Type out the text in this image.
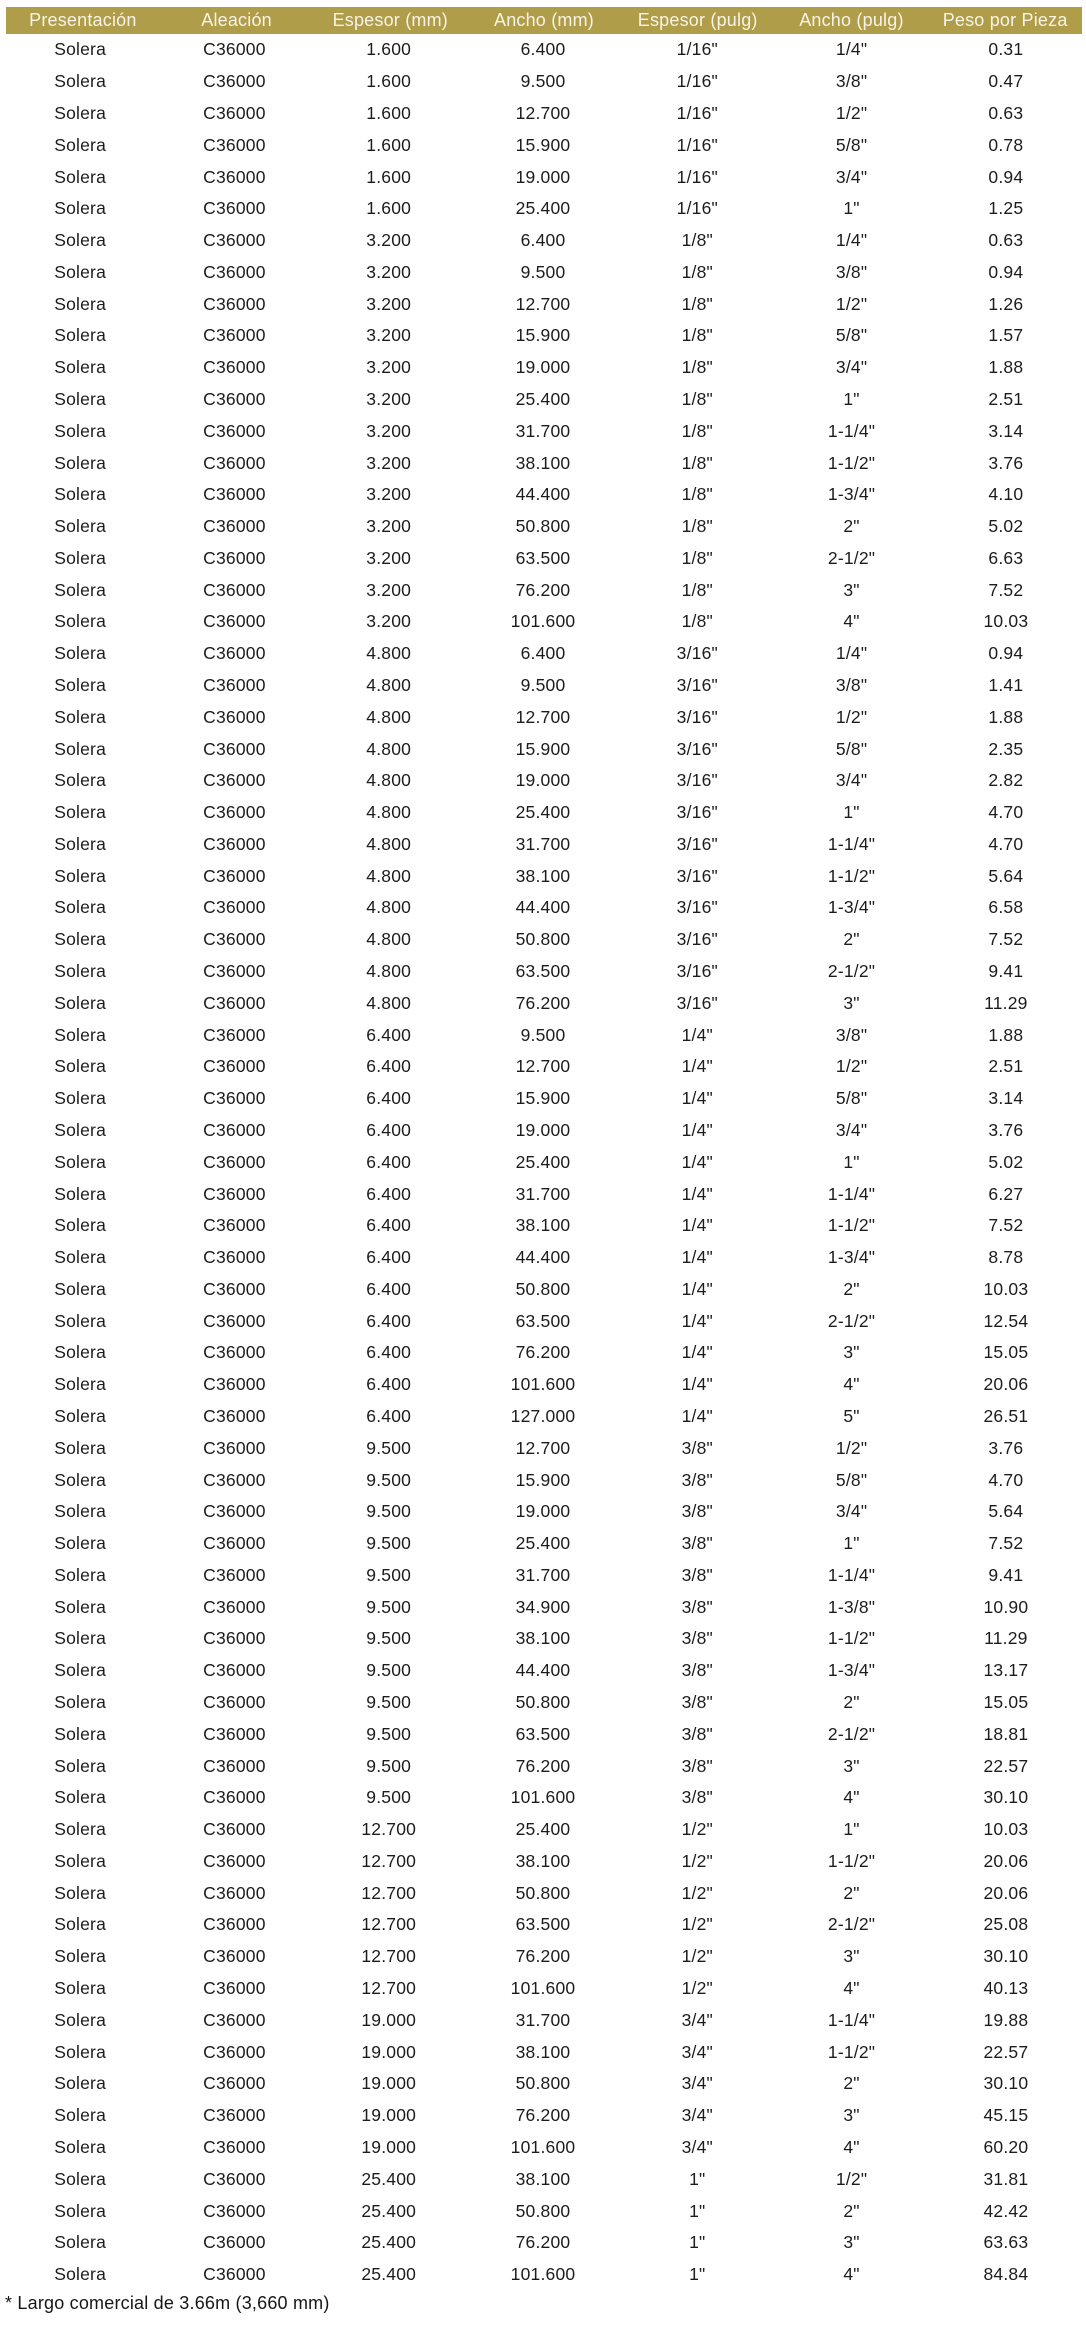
Presentación	Aleación	Espesor (mm)	Ancho (mm)	Espesor (pulg)	Ancho (pulg)	Peso por Pieza
Solera	C36000	1.600	6.400	1/16"	1/4"	0.31
Solera	C36000	1.600	9.500	1/16"	3/8"	0.47
Solera	C36000	1.600	12.700	1/16"	1/2"	0.63
Solera	C36000	1.600	15.900	1/16"	5/8"	0.78
Solera	C36000	1.600	19.000	1/16"	3/4"	0.94
Solera	C36000	1.600	25.400	1/16"	1"	1.25
Solera	C36000	3.200	6.400	1/8"	1/4"	0.63
Solera	C36000	3.200	9.500	1/8"	3/8"	0.94
Solera	C36000	3.200	12.700	1/8"	1/2"	1.26
Solera	C36000	3.200	15.900	1/8"	5/8"	1.57
Solera	C36000	3.200	19.000	1/8"	3/4"	1.88
Solera	C36000	3.200	25.400	1/8"	1"	2.51
Solera	C36000	3.200	31.700	1/8"	1-1/4"	3.14
Solera	C36000	3.200	38.100	1/8"	1-1/2"	3.76
Solera	C36000	3.200	44.400	1/8"	1-3/4"	4.10
Solera	C36000	3.200	50.800	1/8"	2"	5.02
Solera	C36000	3.200	63.500	1/8"	2-1/2"	6.63
Solera	C36000	3.200	76.200	1/8"	3"	7.52
Solera	C36000	3.200	101.600	1/8"	4"	10.03
Solera	C36000	4.800	6.400	3/16"	1/4"	0.94
Solera	C36000	4.800	9.500	3/16"	3/8"	1.41
Solera	C36000	4.800	12.700	3/16"	1/2"	1.88
Solera	C36000	4.800	15.900	3/16"	5/8"	2.35
Solera	C36000	4.800	19.000	3/16"	3/4"	2.82
Solera	C36000	4.800	25.400	3/16"	1"	4.70
Solera	C36000	4.800	31.700	3/16"	1-1/4"	4.70
Solera	C36000	4.800	38.100	3/16"	1-1/2"	5.64
Solera	C36000	4.800	44.400	3/16"	1-3/4"	6.58
Solera	C36000	4.800	50.800	3/16"	2"	7.52
Solera	C36000	4.800	63.500	3/16"	2-1/2"	9.41
Solera	C36000	4.800	76.200	3/16"	3"	11.29
Solera	C36000	6.400	9.500	1/4"	3/8"	1.88
Solera	C36000	6.400	12.700	1/4"	1/2"	2.51
Solera	C36000	6.400	15.900	1/4"	5/8"	3.14
Solera	C36000	6.400	19.000	1/4"	3/4"	3.76
Solera	C36000	6.400	25.400	1/4"	1"	5.02
Solera	C36000	6.400	31.700	1/4"	1-1/4"	6.27
Solera	C36000	6.400	38.100	1/4"	1-1/2"	7.52
Solera	C36000	6.400	44.400	1/4"	1-3/4"	8.78
Solera	C36000	6.400	50.800	1/4"	2"	10.03
Solera	C36000	6.400	63.500	1/4"	2-1/2"	12.54
Solera	C36000	6.400	76.200	1/4"	3"	15.05
Solera	C36000	6.400	101.600	1/4"	4"	20.06
Solera	C36000	6.400	127.000	1/4"	5"	26.51
Solera	C36000	9.500	12.700	3/8"	1/2"	3.76
Solera	C36000	9.500	15.900	3/8"	5/8"	4.70
Solera	C36000	9.500	19.000	3/8"	3/4"	5.64
Solera	C36000	9.500	25.400	3/8"	1"	7.52
Solera	C36000	9.500	31.700	3/8"	1-1/4"	9.41
Solera	C36000	9.500	34.900	3/8"	1-3/8"	10.90
Solera	C36000	9.500	38.100	3/8"	1-1/2"	11.29
Solera	C36000	9.500	44.400	3/8"	1-3/4"	13.17
Solera	C36000	9.500	50.800	3/8"	2"	15.05
Solera	C36000	9.500	63.500	3/8"	2-1/2"	18.81
Solera	C36000	9.500	76.200	3/8"	3"	22.57
Solera	C36000	9.500	101.600	3/8"	4"	30.10
Solera	C36000	12.700	25.400	1/2"	1"	10.03
Solera	C36000	12.700	38.100	1/2"	1-1/2"	20.06
Solera	C36000	12.700	50.800	1/2"	2"	20.06
Solera	C36000	12.700	63.500	1/2"	2-1/2"	25.08
Solera	C36000	12.700	76.200	1/2"	3"	30.10
Solera	C36000	12.700	101.600	1/2"	4"	40.13
Solera	C36000	19.000	31.700	3/4"	1-1/4"	19.88
Solera	C36000	19.000	38.100	3/4"	1-1/2"	22.57
Solera	C36000	19.000	50.800	3/4"	2"	30.10
Solera	C36000	19.000	76.200	3/4"	3"	45.15
Solera	C36000	19.000	101.600	3/4"	4"	60.20
Solera	C36000	25.400	38.100	1"	1/2"	31.81
Solera	C36000	25.400	50.800	1"	2"	42.42
Solera	C36000	25.400	76.200	1"	3"	63.63
Solera	C36000	25.400	101.600	1"	4"	84.84
* Largo comercial de 3.66m (3,660 mm)
